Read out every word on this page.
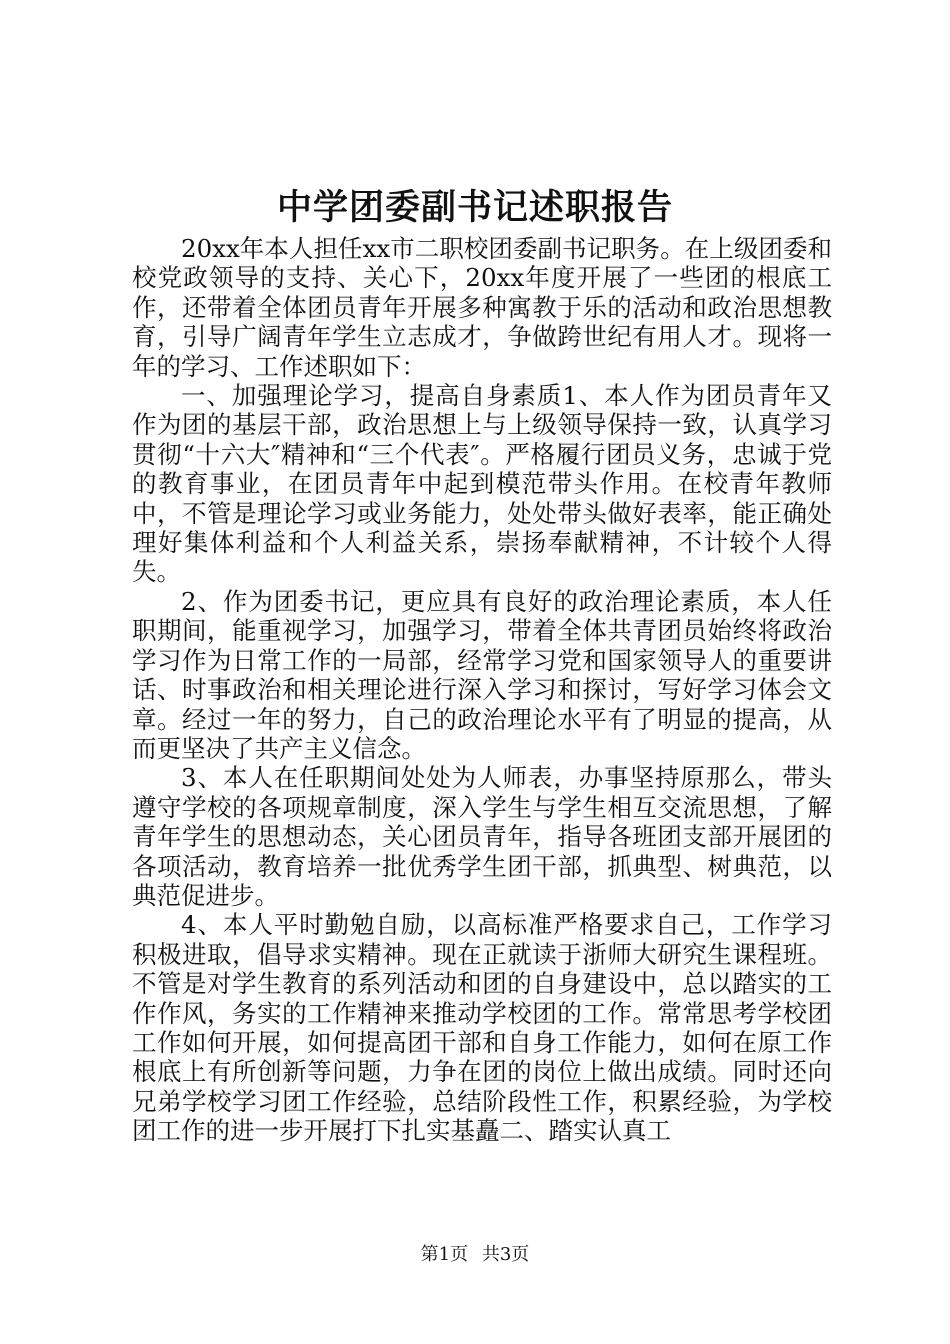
中学团委副书记述职报告

20xx年本人担任xx市二职校团委副书记职务。在上级团委和校党政领导的支持、关心下，20xx年度开展了一些团的根底工作，还带着全体团员青年开展多种寓教于乐的活动和政治思想教育，引导广阔青年学生立志成才，争做跨世纪有用人才。现将一年的学习、工作述职如下：

一、加强理论学习，提高自身素质1、本人作为团员青年又作为团的基层干部，政治思想上与上级领导保持一致，认真学习贯彻“十六大″精神和“三个代表″。严格履行团员义务，忠诚于党的教育事业，在团员青年中起到模范带头作用。在校青年教师中，不管是理论学习或业务能力，处处带头做好表率，能正确处理好集体利益和个人利益关系，崇扬奉献精神，不计较个人得失。

2、作为团委书记，更应具有良好的政治理论素质，本人任职期间，能重视学习，加强学习，带着全体共青团员始终将政治学习作为日常工作的一局部，经常学习党和国家领导人的重要讲话、时事政治和相关理论进行深入学习和探讨，写好学习体会文章。经过一年的努力，自己的政治理论水平有了明显的提高，从而更坚决了共产主义信念。

3、本人在任职期间处处为人师表，办事坚持原那么，带头遵守学校的各项规章制度，深入学生与学生相互交流思想，了解青年学生的思想动态，关心团员青年，指导各班团支部开展团的各项活动，教育培养一批优秀学生团干部，抓典型、树典范，以典范促进步。

4、本人平时勤勉自励，以高标准严格要求自己，工作学习积极进取，倡导求实精神。现在正就读于浙师大研究生课程班。不管是对学生教育的系列活动和团的自身建设中，总以踏实的工作作风，务实的工作精神来推动学校团的工作。常常思考学校团工作如何开展，如何提高团干部和自身工作能力，如何在原工作根底上有所创新等问题，力争在团的岗位上做出成绩。同时还向兄弟学校学习团工作经验，总结阶段性工作，积累经验，为学校团工作的进一步开展打下扎实基矗二、踏实认真工

第1页 共3页
